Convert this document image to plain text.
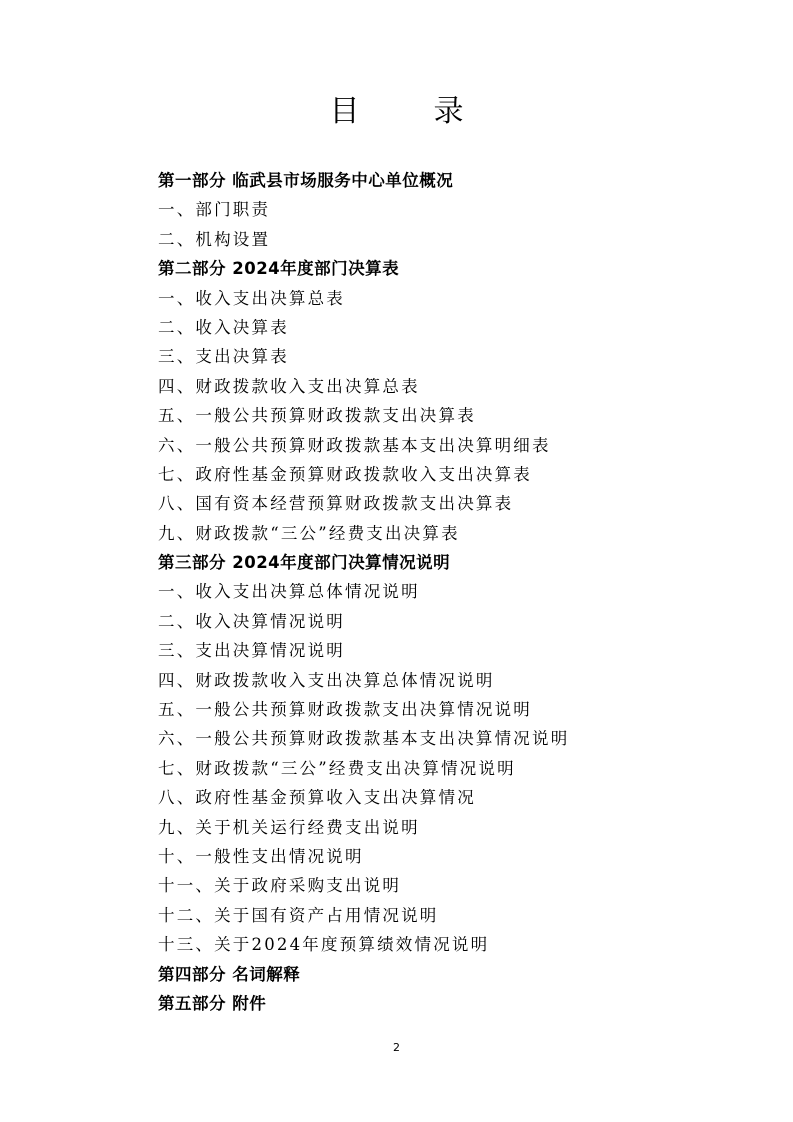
目　录
第一部分 临武县市场服务中心单位概况
一、部门职责
二、机构设置
第二部分 2024年度部门决算表
一、收入支出决算总表
二、收入决算表
三、支出决算表
四、财政拨款收入支出决算总表
五、一般公共预算财政拨款支出决算表
六、一般公共预算财政拨款基本支出决算明细表
七、政府性基金预算财政拨款收入支出决算表
八、国有资本经营预算财政拨款支出决算表
九、财政拨款“三公”经费支出决算表
第三部分 2024年度部门决算情况说明
一、收入支出决算总体情况说明
二、收入决算情况说明
三、支出决算情况说明
四、财政拨款收入支出决算总体情况说明
五、一般公共预算财政拨款支出决算情况说明
六、一般公共预算财政拨款基本支出决算情况说明
七、财政拨款“三公”经费支出决算情况说明
八、政府性基金预算收入支出决算情况
九、关于机关运行经费支出说明
十、一般性支出情况说明
十一、关于政府采购支出说明
十二、关于国有资产占用情况说明
十三、关于2024年度预算绩效情况说明
第四部分 名词解释
第五部分 附件
2
